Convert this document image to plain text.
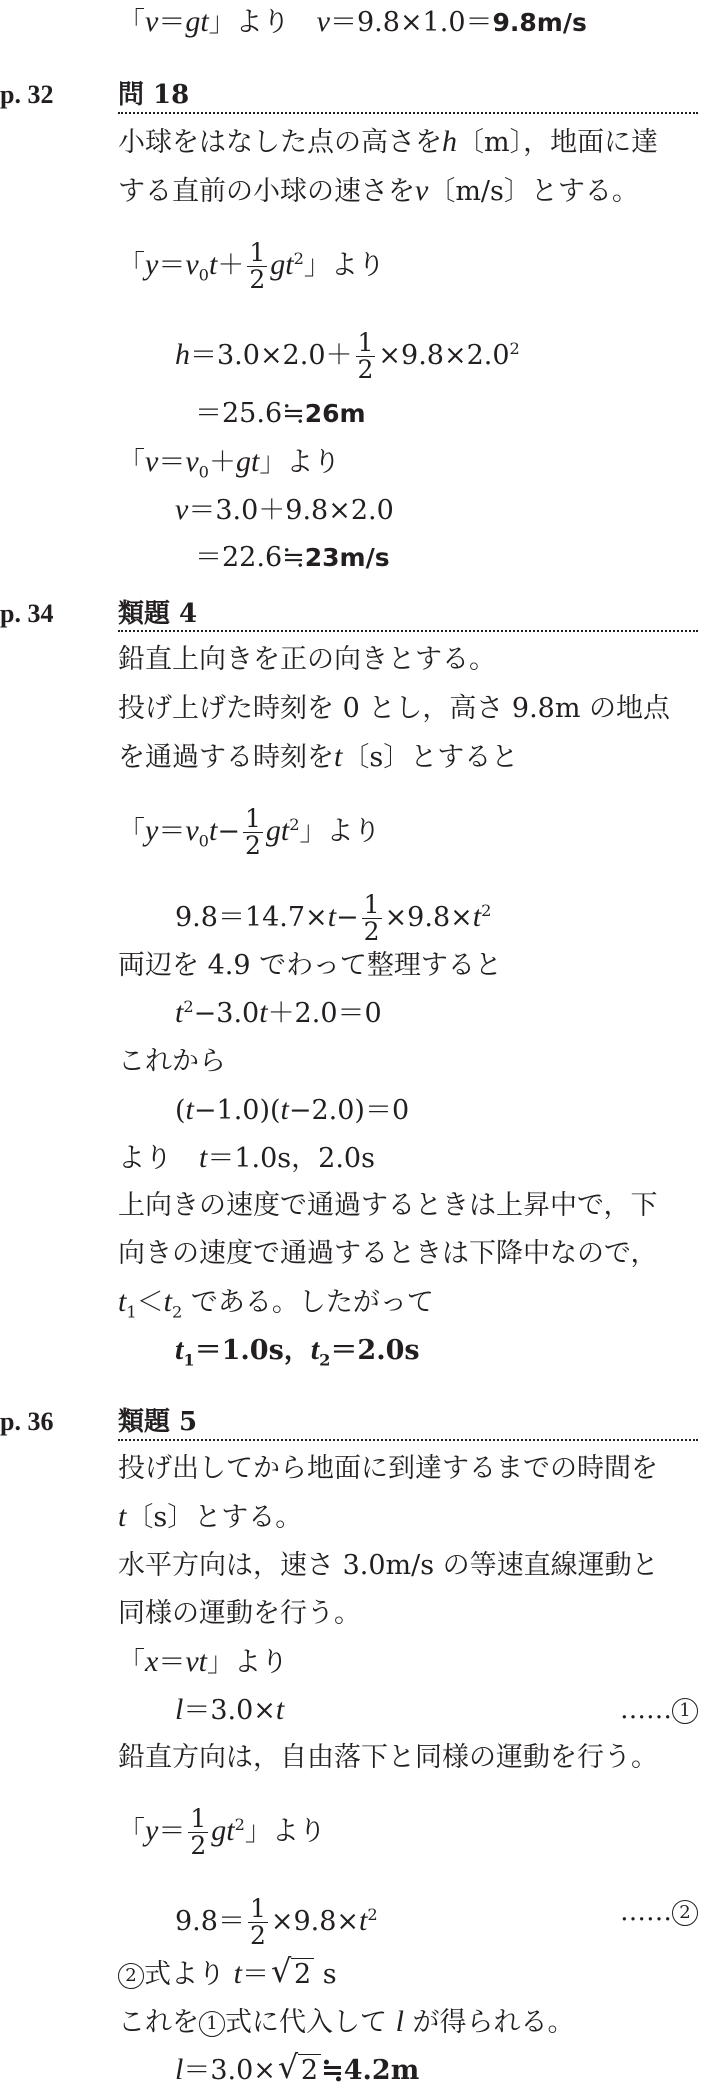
「v＝gt」より　 v＝9.8×1.0＝9.8m/s
p. 32 問 18
小球をはなした点の高さをh〔m〕，地面に達
する直前の小球の速さをv〔m/s〕とする。
「$y=v_0t+ \frac{1}{2} gt^2$」より
$h=3.0\times 2.0+ \frac{1}{2} \times 9.8\times 2.0^2$
＝25.6≒26m
「$v=v_0+gt$」より
v＝3.0＋9.8×2.0
＝22.6≒23m/s
p. 34 類題 4
鉛直上向きを正の向きとする。
投げ上げた時刻を 0 とし，高さ 9.8m の地点
を通過する時刻をt〔s〕とすると
「$y=v_0t- \frac{1}{2} gt^2$」より
$9.8=14.7\times t- \frac{1}{2} \times 9.8\times t^2$
両辺を 4.9 でわって整理すると
$t^2-3.0t+2.0=0$
これから
(t−1.0)(t−2.0)＝0
より　 t＝1.0s，2.0s
上向きの速度で通過するときは上昇中で，下
向きの速度で通過するときは下降中なので，
$t_1<t_2$ である。したがって
$t_1=1.0s$，$t_2=2.0s$
p. 36 類題 5
投げ出してから地面に到達するまでの時間を
t〔s〕とする。
水平方向は，速さ 3.0m/s の等速直線運動と
同様の運動を行う。
「x＝vt」より
l＝3.0×t	…… 1
鉛直方向は，自由落下と同様の運動を行う。
「$y= \frac{1}{2} gt^2$」より
$9.8= \frac{1}{2} \times 9.8\times t^2$	…… 2
2 式より t＝ √ 2 s
これを 1 式に代入して l が得られる。
l＝3.0× √ 2 ≒4.2m
